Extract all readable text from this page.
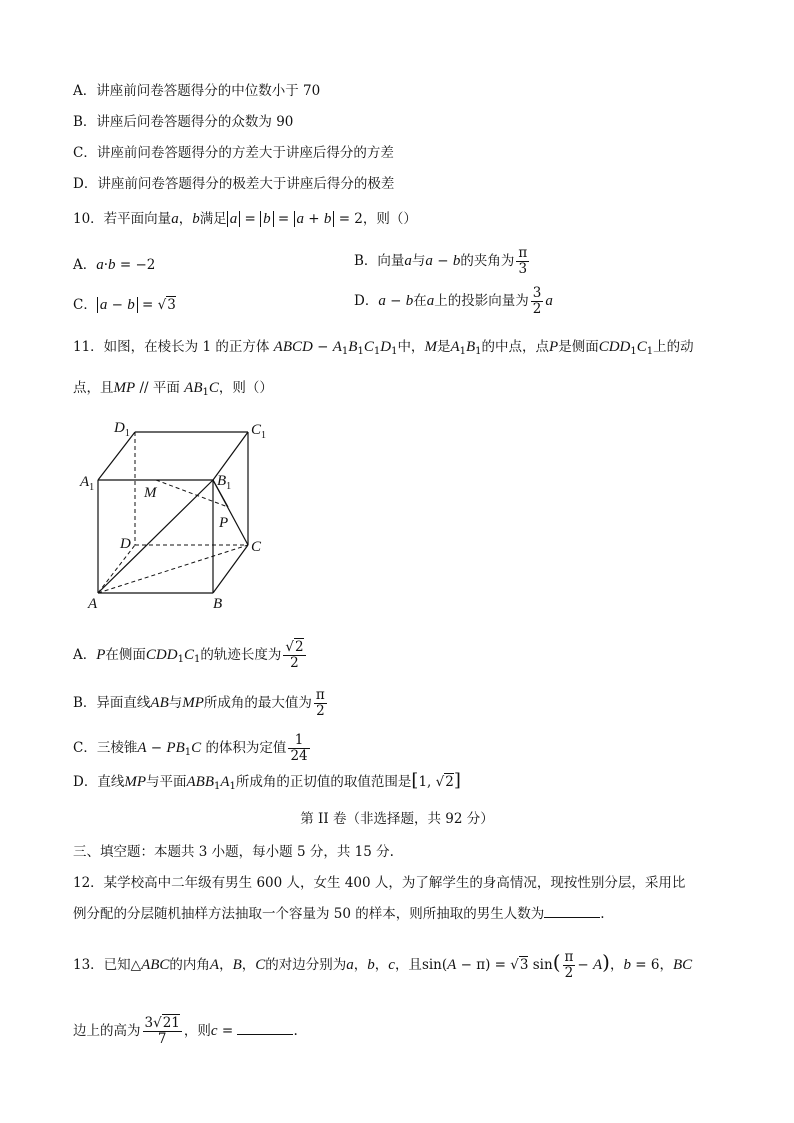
A．讲座前问卷答题得分的中位数小于 70
B．讲座后问卷答题得分的众数为 90
C．讲座前问卷答题得分的方差大于讲座后得分的方差
D．讲座前问卷答题得分的极差大于讲座后得分的极差
10．若平面向量a，b满足 a = b = a + b = 2，则（）
A．a·b = −2	B．向量a与a − b的夹角为 $\frac{\pi}{3}$
C． a − b = √3	D．a − b在a上的投影向量为 $\frac{3}{2}$ a
11．如图，在棱长为 1 的正方体 ABCD − $A_1B_1C_1D_1$中，M是$A_1B_1$的中点，点P是侧面$CDD_1C_1$上的动
点，且MP // 平面 $AB_1C$，则（）
$D_1$	$C_1$
$A_1$	$B_1$
M
P
D	C
A	B
A．P在侧面$CDD_1C_1$的轨迹长度为 $\frac{√2}{2}$
B．异面直线AB与MP所成角的最大值为 $\frac{\pi}{2}$
C．三棱锥$A - PB_1C$ 的体积为定值 $\frac{1}{24}$
D．直线MP与平面$ABB_1A_1$所成角的正切值的取值范围是[1, √2]
第 II 卷（非选择题，共 92 分）
三、填空题：本题共 3 小题，每小题 5 分，共 15 分.
12．某学校高中二年级有男生 600 人，女生 400 人，为了解学生的身高情况，现按性别分层，采用比
例分配的分层随机抽样方法抽取一个容量为 50 的样本，则所抽取的男生人数为	.
13．已知△ABC的内角A，B，C的对边分别为a，b，c，且sin(A − π) = √3 $\sin( \frac{\pi}{2} - A)$，b = 6，BC
边上的高为 $\frac{3√21}{7}$ ，则c =	.
